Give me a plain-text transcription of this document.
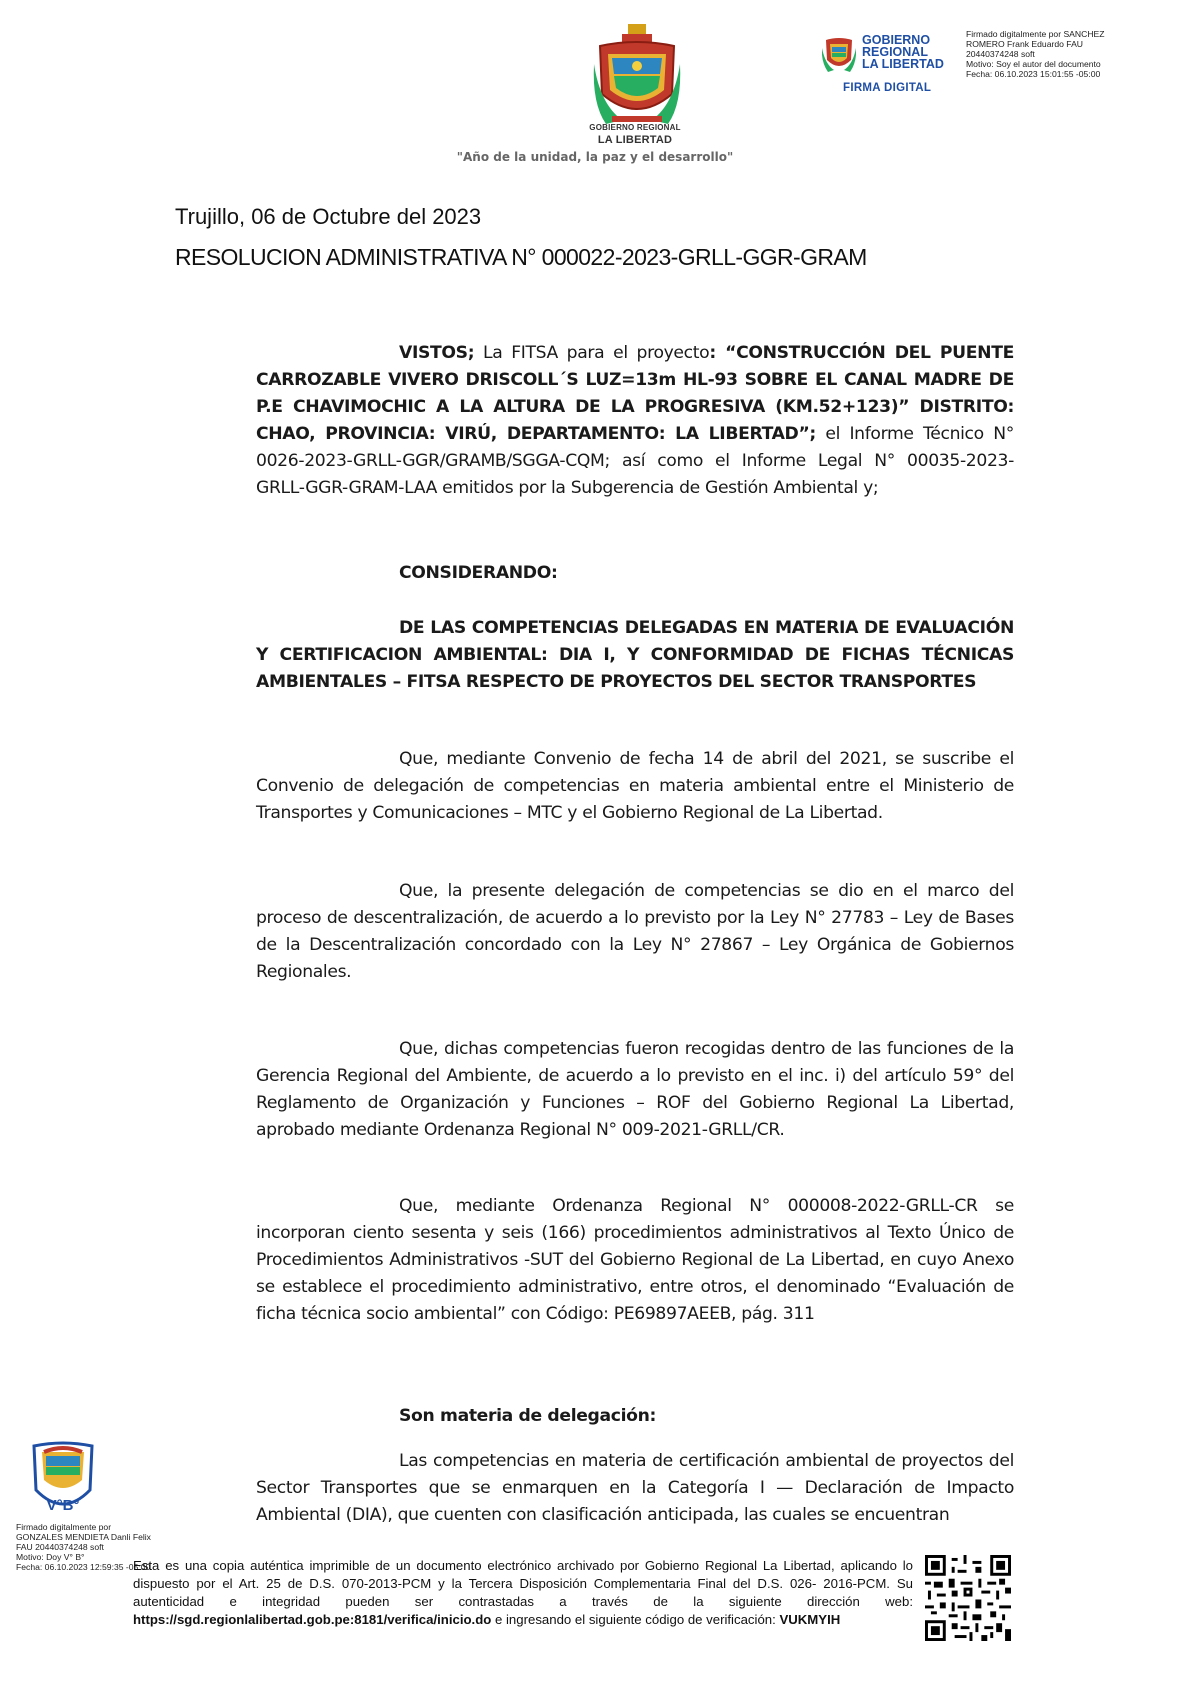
GOBIERNO REGIONAL
LA LIBERTAD
"Año de la unidad, la paz y el desarrollo"
GOBIERNO
REGIONAL
LA LIBERTAD
FIRMA DIGITAL
Firmado digitalmente por SANCHEZ
ROMERO Frank Eduardo FAU
20440374248 soft
Motivo: Soy el autor del documento
Fecha: 06.10.2023 15:01:55 -05:00
Trujillo, 06 de Octubre del 2023
RESOLUCION ADMINISTRATIVA N° 000022-2023-GRLL-GGR-GRAM
VISTOS; La FITSA para el proyecto: “CONSTRUCCIÓN DEL PUENTE CARROZABLE VIVERO DRISCOLL´S LUZ=13m HL-93 SOBRE EL CANAL MADRE DE P.E CHAVIMOCHIC A LA ALTURA DE LA PROGRESIVA (KM.52+123)” DISTRITO: CHAO, PROVINCIA: VIRÚ, DEPARTAMENTO: LA LIBERTAD”; el Informe Técnico N° 0026-2023-GRLL-GGR/GRAMB/SGGA-CQM; así como el Informe Legal N° 00035-2023-GRLL-GGR-GRAM-LAA emitidos por la Subgerencia de Gestión Ambiental y;
CONSIDERANDO:
DE LAS COMPETENCIAS DELEGADAS EN MATERIA DE EVALUACIÓN Y CERTIFICACION AMBIENTAL: DIA I, Y CONFORMIDAD DE FICHAS TÉCNICAS AMBIENTALES – FITSA RESPECTO DE PROYECTOS DEL SECTOR TRANSPORTES
Que, mediante Convenio de fecha 14 de abril del 2021, se suscribe el Convenio de delegación de competencias en materia ambiental entre el Ministerio de Transportes y Comunicaciones – MTC y el Gobierno Regional de La Libertad.
Que, la presente delegación de competencias se dio en el marco del proceso de descentralización, de acuerdo a lo previsto por la Ley N° 27783 – Ley de Bases de la Descentralización concordado con la Ley N° 27867 – Ley Orgánica de Gobiernos Regionales.
Que, dichas competencias fueron recogidas dentro de las funciones de la Gerencia Regional del Ambiente, de acuerdo a lo previsto en el inc. i) del artículo 59° del Reglamento de Organización y Funciones – ROF del Gobierno Regional La Libertad, aprobado mediante Ordenanza Regional N° 009-2021-GRLL/CR.
Que, mediante Ordenanza Regional N° 000008-2022-GRLL-CR se incorporan ciento sesenta y seis (166) procedimientos administrativos al Texto Único de Procedimientos Administrativos -SUT del Gobierno Regional de La Libertad, en cuyo Anexo se establece el procedimiento administrativo, entre otros, el denominado “Evaluación de ficha técnica socio ambiental” con Código: PE69897AEEB, pág. 311
Son materia de delegación:
Las competencias en materia de certificación ambiental de proyectos del Sector Transportes que se enmarquen en la Categoría I — Declaración de Impacto Ambiental (DIA), que cuenten con clasificación anticipada, las cuales se encuentran
V°B°
Firmado digitalmente por
GONZALES MENDIETA Danli Felix
FAU 20440374248 soft
Motivo: Doy V° B°
Fecha: 06.10.2023 12:59:35 -05:00
Esta es una copia auténtica imprimible de un documento electrónico archivado por Gobierno Regional La Libertad, aplicando lo dispuesto por el Art. 25 de D.S. 070-2013-PCM y la Tercera Disposición Complementaria Final del D.S. 026- 2016-PCM. Su autenticidad e integridad pueden ser contrastadas a través de la siguiente dirección web: https://sgd.regionlalibertad.gob.pe:8181/verifica/inicio.do e ingresando el siguiente código de verificación: VUKMYIH
